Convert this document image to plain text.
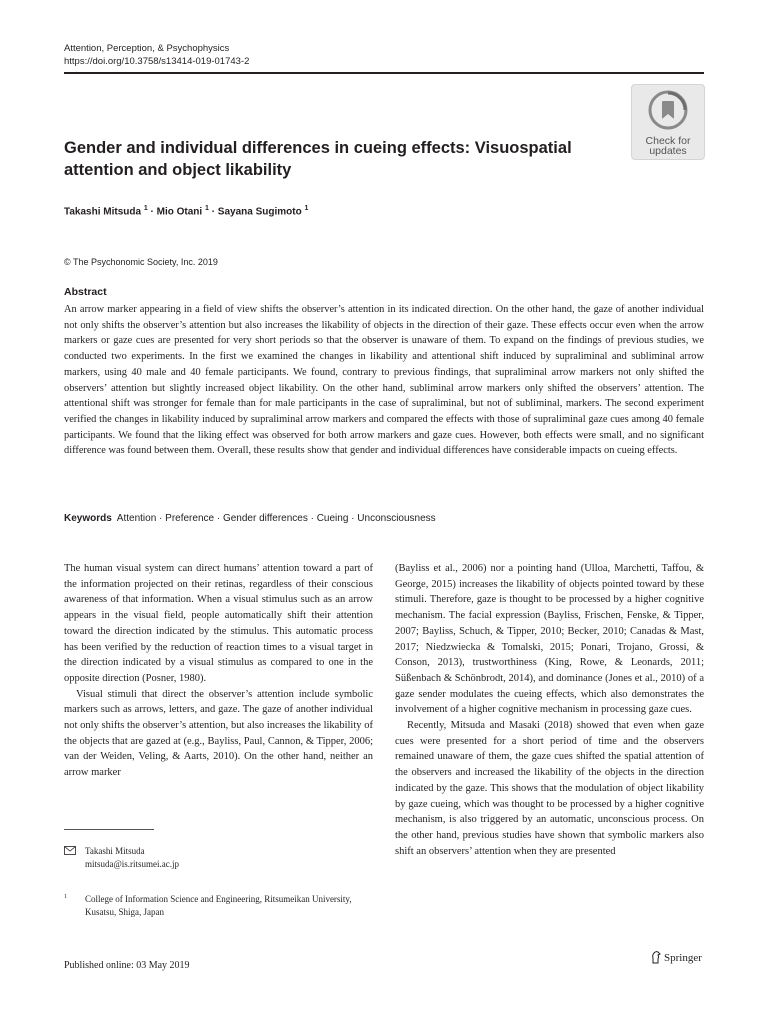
Attention, Perception, & Psychophysics
https://doi.org/10.3758/s13414-019-01743-2
Check for
updates
Gender and individual differences in cueing effects: Visuospatial attention and object likability
Takashi Mitsuda $^1$ · Mio Otani $^1$ · Sayana Sugimoto $^1$
© The Psychonomic Society, Inc. 2019
Abstract
An arrow marker appearing in a field of view shifts the observer’s attention in its indicated direction. On the other hand, the gaze of another individual not only shifts the observer’s attention but also increases the likability of objects in the direction of their gaze. These effects occur even when the arrow markers or gaze cues are presented for very short periods so that the observer is unaware of them. To expand on the findings of previous studies, we conducted two experiments. In the first we examined the changes in likability and attentional shift induced by supraliminal and subliminal arrow markers, using 40 male and 40 female participants. We found, contrary to previous findings, that supraliminal arrow markers not only shifted the observers’ attention but slightly increased object likability. On the other hand, subliminal arrow markers only shifted the observers’ attention. The attentional shift was stronger for female than for male participants in the case of supraliminal, but not of subliminal, markers. The second experiment verified the changes in likability induced by supraliminal arrow markers and compared the effects with those of supraliminal gaze cues among 40 female participants. We found that the liking effect was observed for both arrow markers and gaze cues. However, both effects were small, and no significant difference was found between them. Overall, these results show that gender and individual differences have considerable impacts on cueing effects.
Keywords Attention · Preference · Gender differences · Cueing · Unconsciousness

The human visual system can direct humans’ attention toward a part of the information projected on their retinas, regardless of their conscious awareness of that information. When a visual stimulus such as an arrow appears in the visual field, people automatically shift their attention toward the direction indicated by the stimulus. This automatic process has been verified by the reduction of reaction times to a visual target in the direction indicated by a visual stimulus as compared to one in the opposite direction (Posner, 1980).

Visual stimuli that direct the observer’s attention include symbolic markers such as arrows, letters, and gaze. The gaze of another individual not only shifts the observer’s attention, but also increases the likability of the objects that are gazed at (e.g., Bayliss, Paul, Cannon, & Tipper, 2006; van der Weiden, Veling, & Aarts, 2010). On the other hand, neither an arrow marker

(Bayliss et al., 2006) nor a pointing hand (Ulloa, Marchetti, Taffou, & George, 2015) increases the likability of objects pointed toward by these stimuli. Therefore, gaze is thought to be processed by a higher cognitive mechanism. The facial expression (Bayliss, Frischen, Fenske, & Tipper, 2007; Bayliss, Schuch, & Tipper, 2010; Becker, 2010; Canadas & Mast, 2017; Niedzwiecka & Tomalski, 2015; Ponari, Trojano, Grossi, & Conson, 2013), trustworthiness (King, Rowe, & Leonards, 2011; Süßenbach & Schönbrodt, 2014), and dominance (Jones et al., 2010) of a gaze sender modulates the cueing effects, which also demonstrates the involvement of a higher cognitive mechanism in processing gaze cues.

Recently, Mitsuda and Masaki (2018) showed that even when gaze cues were presented for a short period of time and the observers remained unaware of them, the gaze cues shifted the spatial attention of the observers and increased the likability of the objects in the direction indicated by the gaze. This shows that the modulation of object likability by gaze cueing, which was thought to be processed by a higher cognitive mechanism, is also triggered by an automatic, unconscious process. On the other hand, previous studies have shown that symbolic markers also shift an observers’ attention when they are presented

Takashi Mitsuda
mitsuda@is.ritsumei.ac.jp
1 College of Information Science and Engineering, Ritsumeikan University, Kusatsu, Shiga, Japan
Published online: 03 May 2019
Springer
